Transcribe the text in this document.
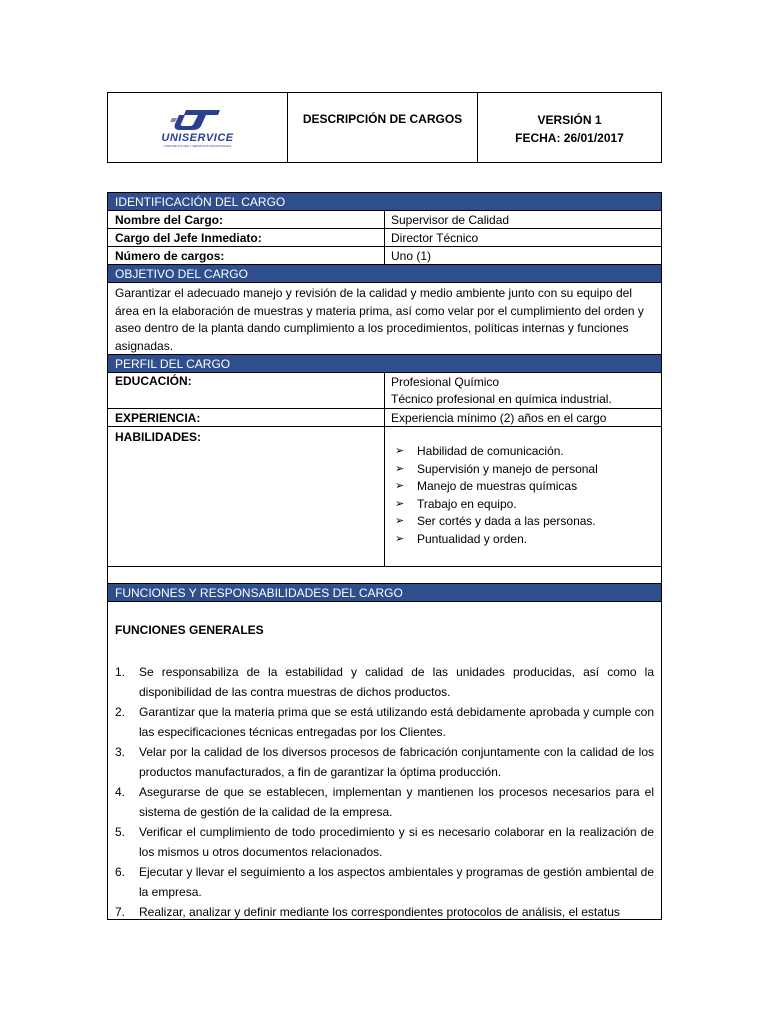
UNISERVICE
CONSTRUCTORA Y SERVICIOS INDUSTRIALES
DESCRIPCIÓN DE CARGOS	VERSIÓN 1
FECHA: 26/01/2017
IDENTIFICACIÓN DEL CARGO
Nombre del Cargo:	Supervisor de Calidad
Cargo del Jefe Inmediato:	Director Técnico
Número de cargos:	Uno (1)
OBJETIVO DEL CARGO
Garantizar el adecuado manejo y revisión de la calidad y medio ambiente junto con su equipo del área en la elaboración de muestras y materia prima, así como velar por el cumplimiento del orden y aseo dentro de la planta dando cumplimiento a los procedimientos, políticas internas y funciones asignadas.
PERFIL DEL CARGO
EDUCACIÓN:	Profesional Químico
Técnico profesional en química industrial.
EXPERIENCIA:	Experiencia mínimo (2) años en el cargo
HABILIDADES:
➢	Habilidad de comunicación.
➢	Supervisión y manejo de personal
➢	Manejo de muestras químicas
➢	Trabajo en equipo.
➢	Ser cortés y dada a las personas.
➢	Puntualidad y orden.
FUNCIONES Y RESPONSABILIDADES DEL CARGO
FUNCIONES GENERALES
1.	Se responsabiliza de la estabilidad y calidad de las unidades producidas, así como la disponibilidad de las contra muestras de dichos productos.
2.	Garantizar que la materia prima que se está utilizando está debidamente aprobada y cumple con las especificaciones técnicas entregadas por los Clientes.
3.	Velar por la calidad de los diversos procesos de fabricación conjuntamente con la calidad de los productos manufacturados, a fin de garantizar la óptima producción.
4.	Asegurarse de que se establecen, implementan y mantienen los procesos necesarios para el sistema de gestión de la calidad de la empresa.
5.	Verificar el cumplimiento de todo procedimiento y si es necesario colaborar en la realización de los mismos u otros documentos relacionados.
6.	Ejecutar y llevar el seguimiento a los aspectos ambientales y programas de gestión ambiental de la empresa.
7.	Realizar, analizar y definir mediante los correspondientes protocolos de análisis, el estatus
